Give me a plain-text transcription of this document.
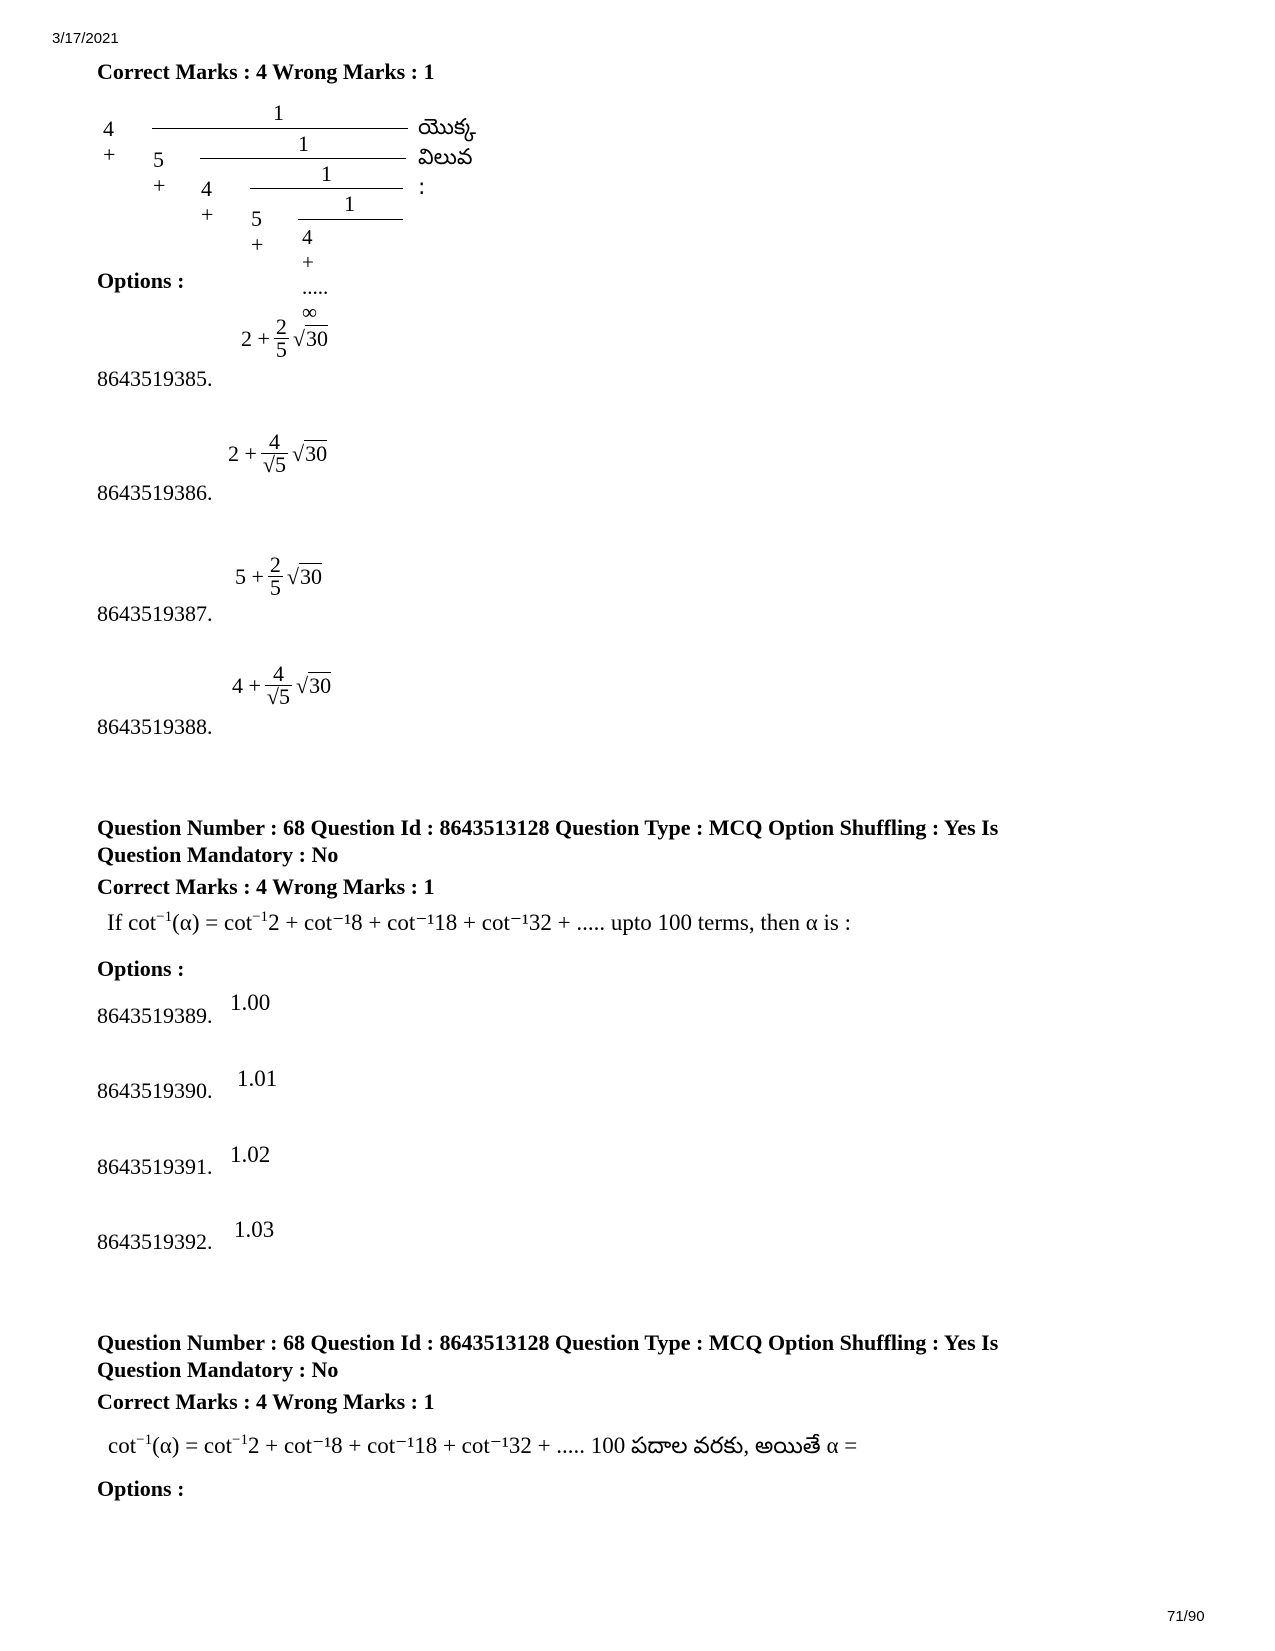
3/17/2021
71/90
Correct Marks : 4 Wrong Marks : 1
4 +
1
5 +
1
4 +
1
5 +
1
4 + ..... ∞
యొక్క విలువ :
Options :
8643519385.
$2 + \frac{2}{5} √30$
8643519386.
$2 + \frac{4}{√5} √30$
8643519387.
$5 + \frac{2}{5} √30$
8643519388.
$4 + \frac{4}{√5} √30$
Question Number : 68 Question Id : 8643513128 Question Type : MCQ Option Shuffling : Yes Is
Question Mandatory : No
Correct Marks : 4 Wrong Marks : 1
If $\cot^{-1}(\alpha) = \cot^{-1}2 + \cot^{-1}8 + \cot^{-1}18 + \cot^{-1}32$ + ..... upto 100 terms, then α is :
Options :
8643519389.
1.00
8643519390. 1.01
8643519391. 1.02
8643519392. 1.03
Question Number : 68 Question Id : 8643513128 Question Type : MCQ Option Shuffling : Yes Is
Question Mandatory : No
Correct Marks : 4 Wrong Marks : 1
$\cot^{-1}(\alpha) = \cot^{-1}2 + \cot^{-1}8 + \cot^{-1}18 + \cot^{-1}32$ + ..... 100 పదాల వరకు, అయితే α =
Options :
